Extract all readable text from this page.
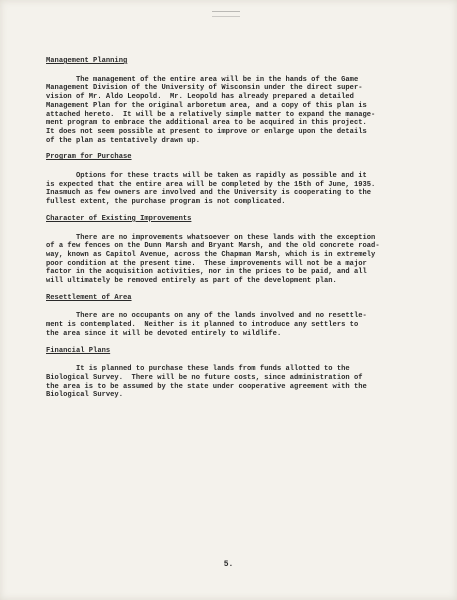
Management Planning
The management of the entire area will be in the hands of the Game
Management Division of the University of Wisconsin under the direct super-
vision of Mr. Aldo Leopold.  Mr. Leopold has already prepared a detailed
Management Plan for the original arboretum area, and a copy of this plan is
attached hereto.  It will be a relatively simple matter to expand the manage-
ment program to embrace the additional area to be acquired in this project.
It does not seem possible at present to improve or enlarge upon the details
of the plan as tentatively drawn up.
Program for Purchase
Options for these tracts will be taken as rapidly as possible and it
is expected that the entire area will be completed by the 15th of June, 1935.
Inasmuch as few owners are involved and the University is cooperating to the
fullest extent, the purchase program is not complicated.
Character of Existing Improvements
There are no improvements whatsoever on these lands with the exception
of a few fences on the Dunn Marsh and Bryant Marsh, and the old concrete road-
way, known as Capitol Avenue, across the Chapman Marsh, which is in extremely
poor condition at the present time.  These improvements will not be a major
factor in the acquisition activities, nor in the prices to be paid, and all
will ultimately be removed entirely as part of the development plan.
Resettlement of Area
There are no occupants on any of the lands involved and no resettle-
ment is contemplated.  Neither is it planned to introduce any settlers to
the area since it will be devoted entirely to wildlife.
Financial Plans
It is planned to purchase these lands from funds allotted to the
Biological Survey.  There will be no future costs, since administration of
the area is to be assumed by the state under cooperative agreement with the
Biological Survey.
5.
